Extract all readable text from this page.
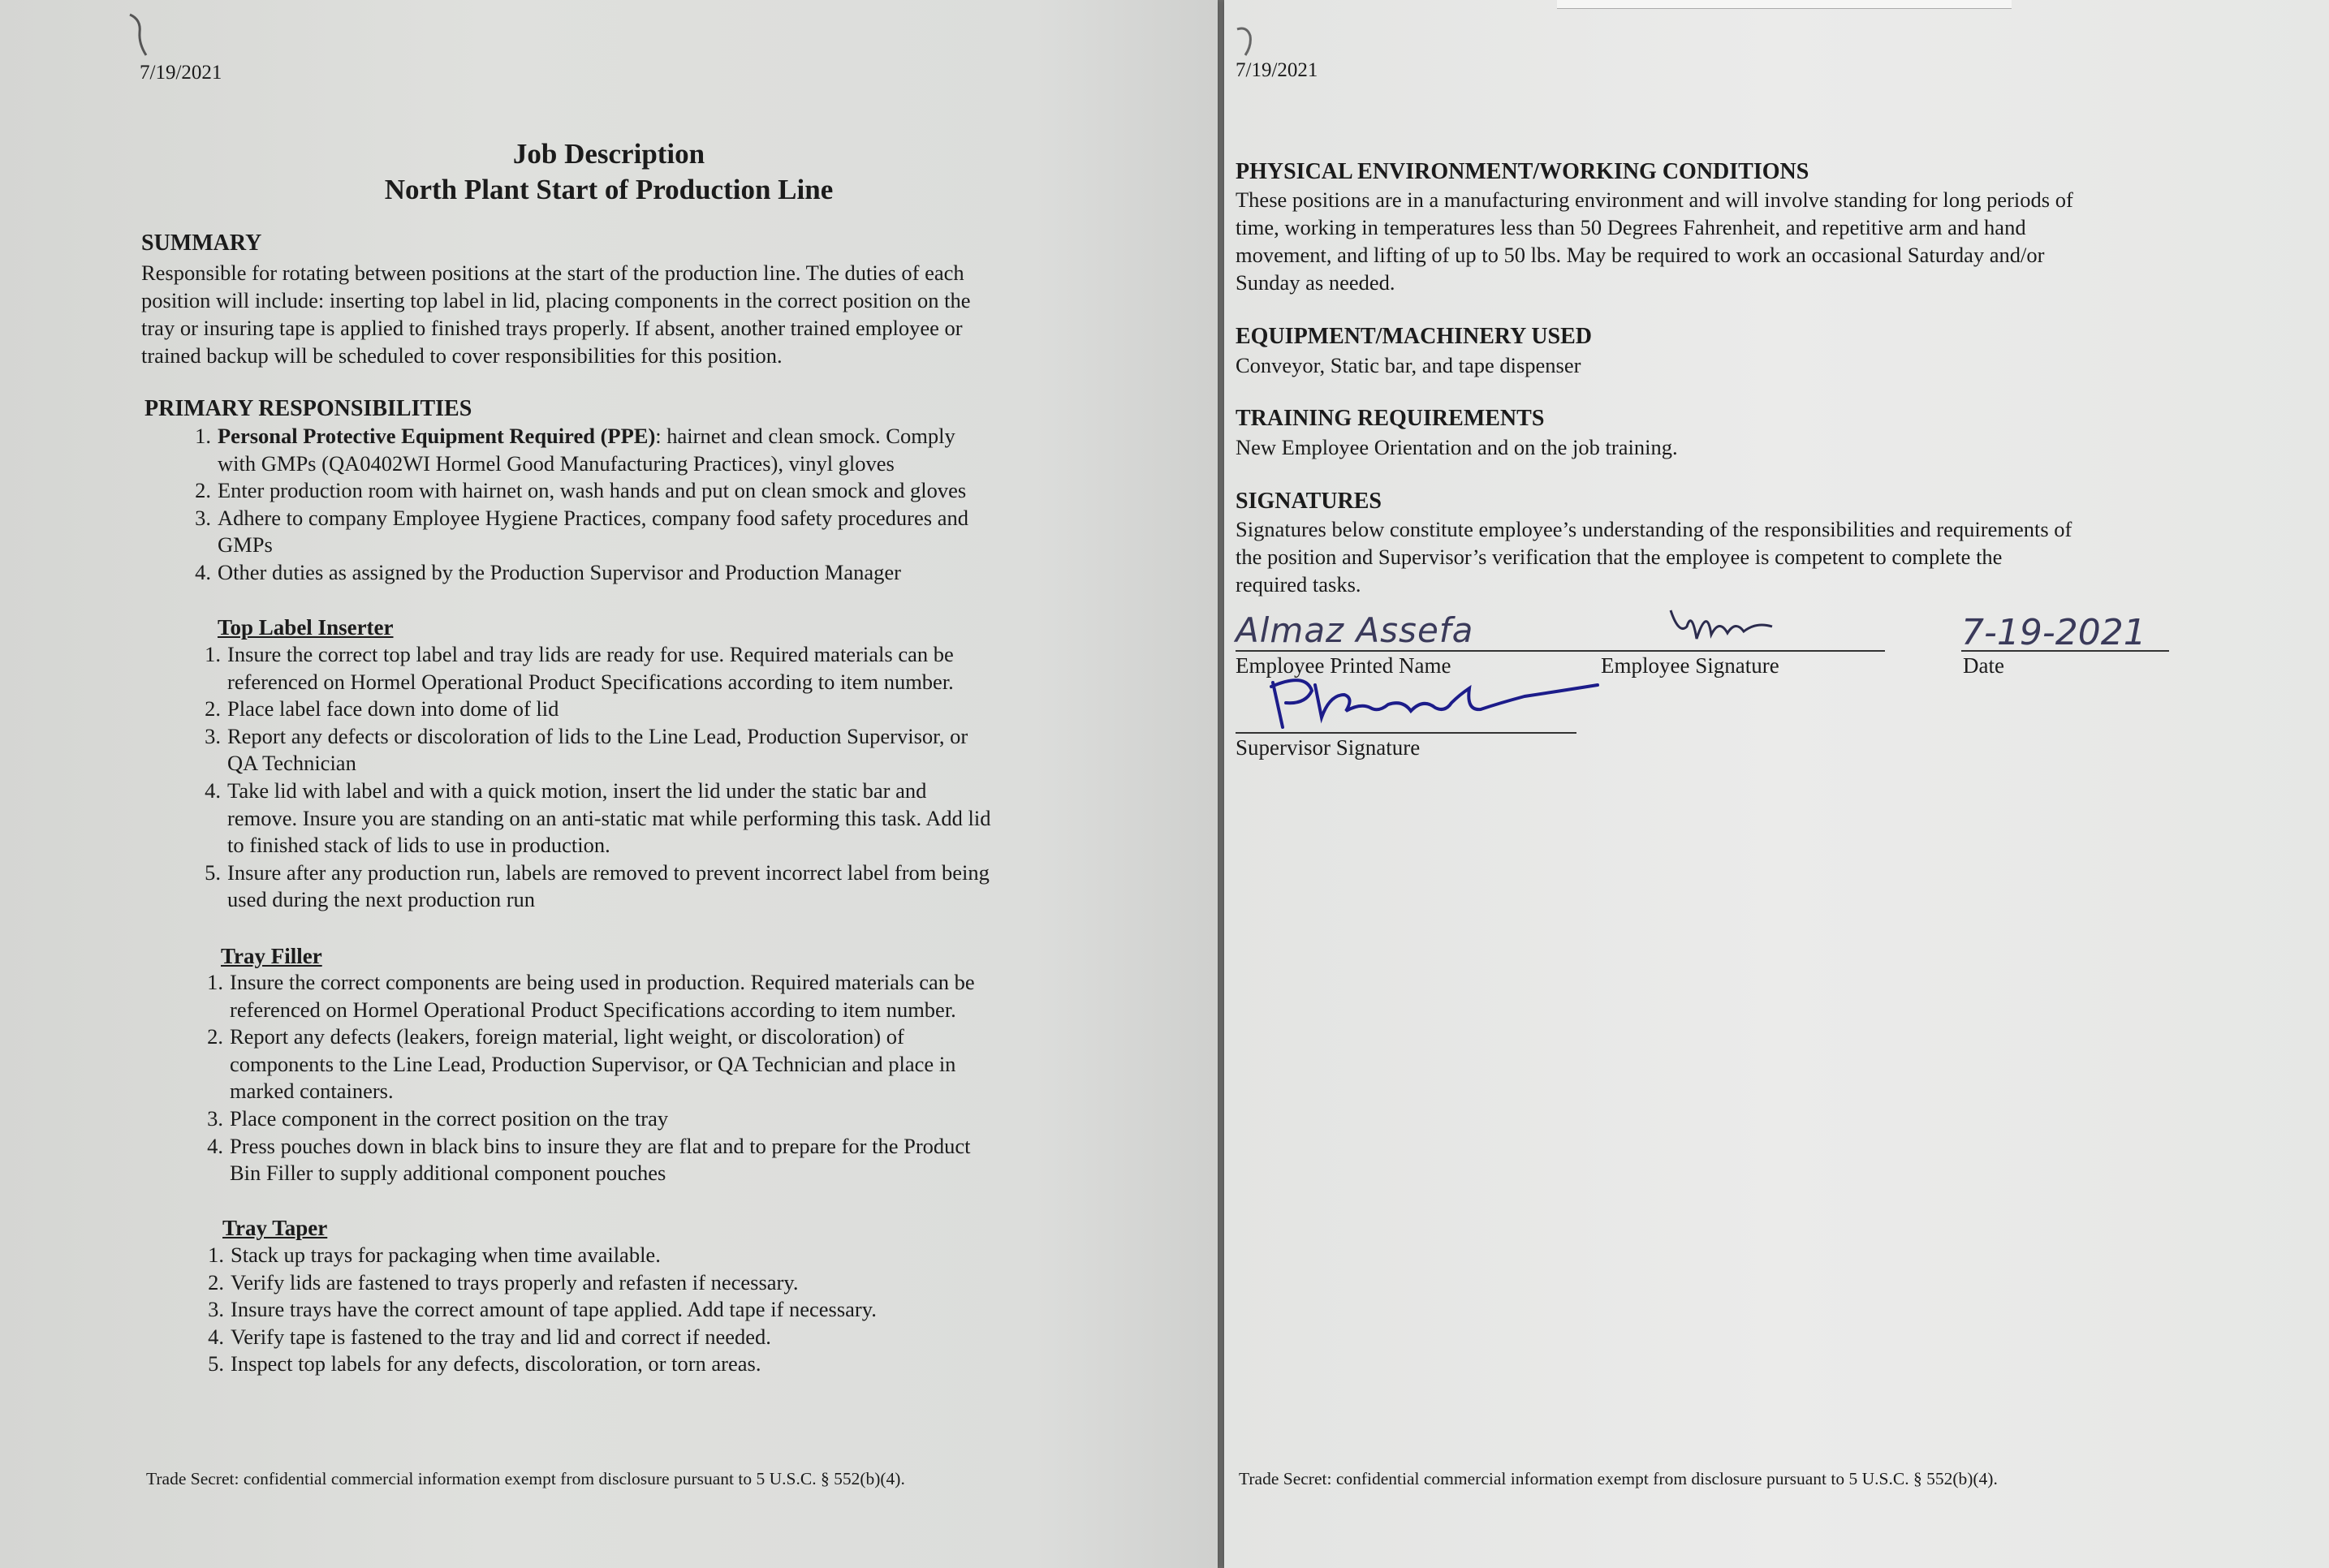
7/19/2021
Job Description
North Plant Start of Production Line
SUMMARY
Responsible for rotating between positions at the start of the production line. The duties of each
position will include: inserting top label in lid, placing components in the correct position on the
tray or insuring tape is applied to finished trays properly. If absent, another trained employee or
trained backup will be scheduled to cover responsibilities for this position.
PRIMARY RESPONSIBILITIES
1. Personal Protective Equipment Required (PPE): hairnet and clean smock. Comply
with GMPs (QA0402WI Hormel Good Manufacturing Practices), vinyl gloves
2. Enter production room with hairnet on, wash hands and put on clean smock and gloves
3. Adhere to company Employee Hygiene Practices, company food safety procedures and
GMPs
4. Other duties as assigned by the Production Supervisor and Production Manager
Top Label Inserter
1. Insure the correct top label and tray lids are ready for use. Required materials can be
referenced on Hormel Operational Product Specifications according to item number.
2. Place label face down into dome of lid
3. Report any defects or discoloration of lids to the Line Lead, Production Supervisor, or
QA Technician
4. Take lid with label and with a quick motion, insert the lid under the static bar and
remove. Insure you are standing on an anti-static mat while performing this task. Add lid
to finished stack of lids to use in production.
5. Insure after any production run, labels are removed to prevent incorrect label from being
used during the next production run
Tray Filler
1. Insure the correct components are being used in production. Required materials can be
referenced on Hormel Operational Product Specifications according to item number.
2. Report any defects (leakers, foreign material, light weight, or discoloration) of
components to the Line Lead, Production Supervisor, or QA Technician and place in
marked containers.
3. Place component in the correct position on the tray
4. Press pouches down in black bins to insure they are flat and to prepare for the Product
Bin Filler to supply additional component pouches
Tray Taper
1. Stack up trays for packaging when time available.
2. Verify lids are fastened to trays properly and refasten if necessary.
3. Insure trays have the correct amount of tape applied. Add tape if necessary.
4. Verify tape is fastened to the tray and lid and correct if needed.
5. Inspect top labels for any defects, discoloration, or torn areas.
Trade Secret: confidential commercial information exempt from disclosure pursuant to 5 U.S.C. § 552(b)(4).
7/19/2021
PHYSICAL ENVIRONMENT/WORKING CONDITIONS
These positions are in a manufacturing environment and will involve standing for long periods of
time, working in temperatures less than 50 Degrees Fahrenheit, and repetitive arm and hand
movement, and lifting of up to 50 lbs. May be required to work an occasional Saturday and/or
Sunday as needed.
EQUIPMENT/MACHINERY USED
Conveyor, Static bar, and tape dispenser
TRAINING REQUIREMENTS
New Employee Orientation and on the job training.
SIGNATURES
Signatures below constitute employee’s understanding of the responsibilities and requirements of
the position and Supervisor’s verification that the employee is competent to complete the
required tasks.
Almaz Assefa	7-19-2021
Employee Printed Name	Employee Signature	Date
Supervisor Signature
Trade Secret: confidential commercial information exempt from disclosure pursuant to 5 U.S.C. § 552(b)(4).
